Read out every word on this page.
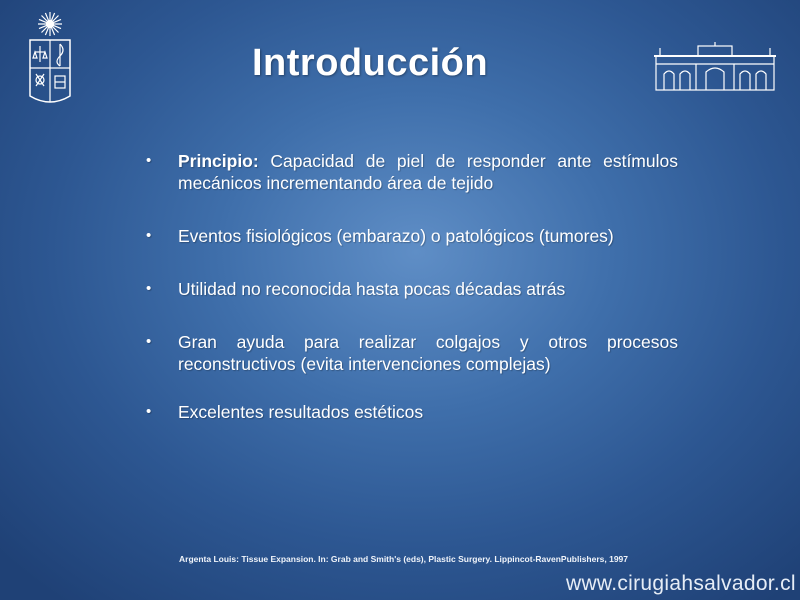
Introducción
• Principio: Capacidad de piel de responder ante estímulos mecánicos incrementando área de tejido
• Eventos fisiológicos (embarazo) o patológicos (tumores)
• Utilidad no reconocida hasta pocas décadas atrás
• Gran ayuda para realizar colgajos y otros procesos reconstructivos (evita intervenciones complejas)
• Excelentes resultados estéticos
Argenta Louis: Tissue Expansion. In: Grab and Smith's (eds), Plastic Surgery. Lippincot-RavenPublishers, 1997
www.cirugiahsalvador.cl
